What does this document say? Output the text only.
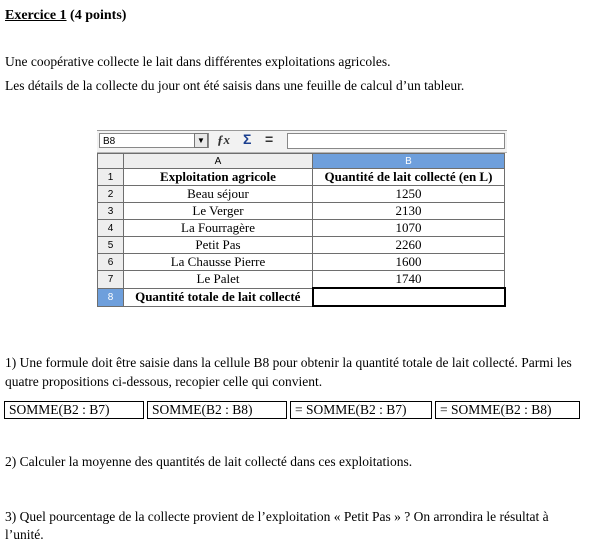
Exercice 1 (4 points)
Une coopérative collecte le lait dans différentes exploitations agricoles.
Les détails de la collecte du jour ont été saisis dans une feuille de calcul d’un tableur.
B8	▼ ƒx Σ =
	A	B
1	Exploitation agricole	Quantité de lait collecté (en L)
2	Beau séjour	1250
3	Le Verger	2130
4	La Fourragère	1070
5	Petit Pas	2260
6	La Chausse Pierre	1600
7	Le Palet	1740
8	Quantité totale de lait collecté	
1) Une formule doit être saisie dans la cellule B8 pour obtenir la quantité totale de lait collecté. Parmi les
quatre propositions ci-dessous, recopier celle qui convient.
SOMME(B2 : B7)	SOMME(B2 : B8)	= SOMME(B2 : B7)	= SOMME(B2 : B8)
2) Calculer la moyenne des quantités de lait collecté dans ces exploitations.
3) Quel pourcentage de la collecte provient de l’exploitation « Petit Pas » ? On arrondira le résultat à
l’unité.
